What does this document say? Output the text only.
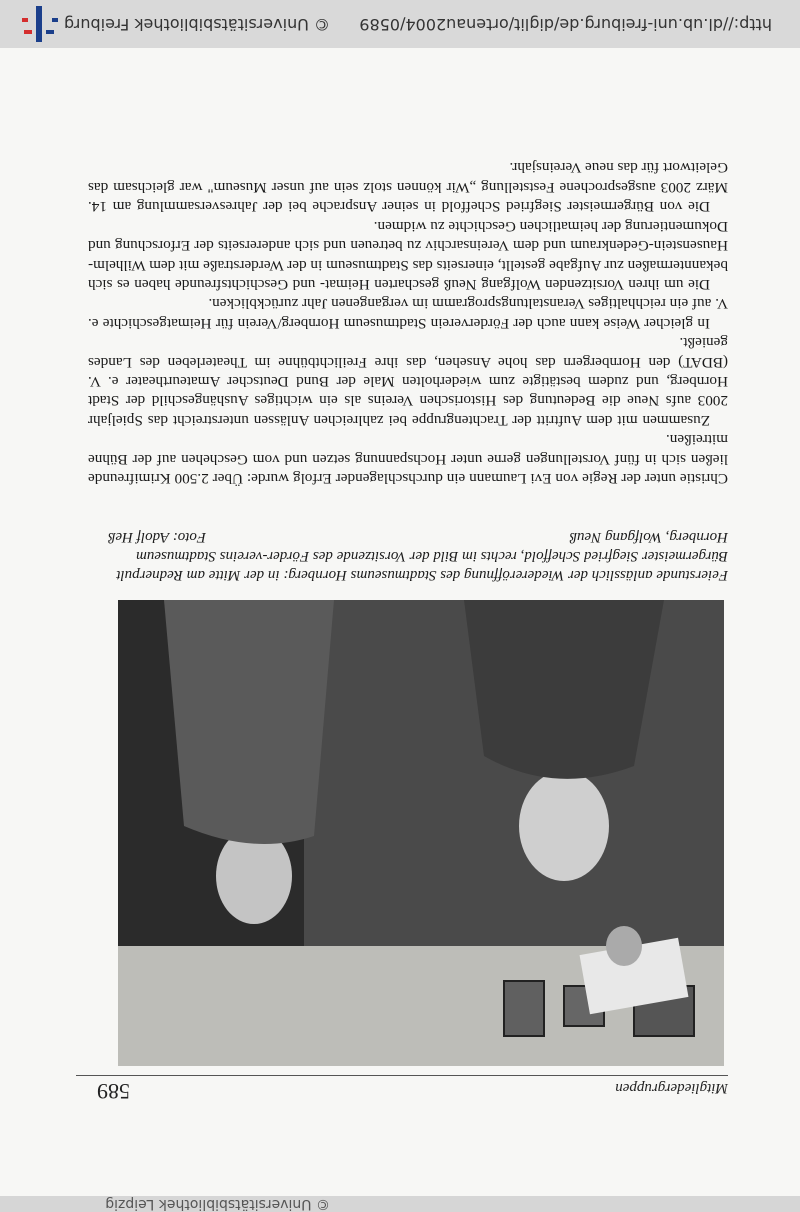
Mitgliedergruppen
589
Feierstunde anlässlich der Wiedereröffnung des Stadtmuseums Hornberg: in der Mitte am Rednerpult Bürgermeister Siegfried Scheffold, rechts im Bild der Vorsitzende des Förder-vereins Stadtmuseum Hornberg, Wolfgang Neuß
Foto: Adolf Heß

Christie unter der Regie von Evi Laumann ein durchschlagender Erfolg wurde: Über 2.500 Krimifreunde ließen sich in fünf Vorstellungen gerne unter Hochspannung setzen und vom Geschehen auf der Bühne mitreißen.

Zusammen mit dem Auftritt der Trachtengruppe bei zahlreichen Anlässen unterstreicht das Spieljahr 2003 aufs Neue die Bedeutung des Historischen Vereins als ein wichtiges Aushängeschild der Stadt Hornberg, und zudem bestätigte zum wiederholten Male der Bund Deutscher Amateurtheater e. V. (BDAT) den Hornbergern das hohe Ansehen, das ihre Freilichtbühne im Theaterleben des Landes genießt.

In gleicher Weise kann auch der Förderverein Stadtmuseum Hornberg/Verein für Heimatgeschichte e. V. auf ein reichhaltiges Veranstaltungsprogramm im vergangenen Jahr zurückblicken.

Die um ihren Vorsitzenden Wolfgang Neuß gescharten Heimat- und Geschichtsfreunde haben es sich bekanntermaßen zur Aufgabe gestellt, einerseits das Stadtmuseum in der Werderstraße mit dem Wilhelm-Hausenstein-Gedenkraum und dem Vereinsarchiv zu betreuen und sich andererseits der Erforschung und Dokumentierung der heimatlichen Geschichte zu widmen.

Die von Bürgermeister Siegfried Scheffold in seiner Ansprache bei der Jahresversammlung am 14. März 2003 ausgesprochene Feststellung „Wir können stolz sein auf unser Museum" war gleichsam das Geleitwort für das neue Vereinsjahr.

http://dl.ub.uni-freiburg.de/diglit/ortenau2004/0589
© Universitätsbibliothek Freiburg
© Universitätsbibliothek Leipzig
